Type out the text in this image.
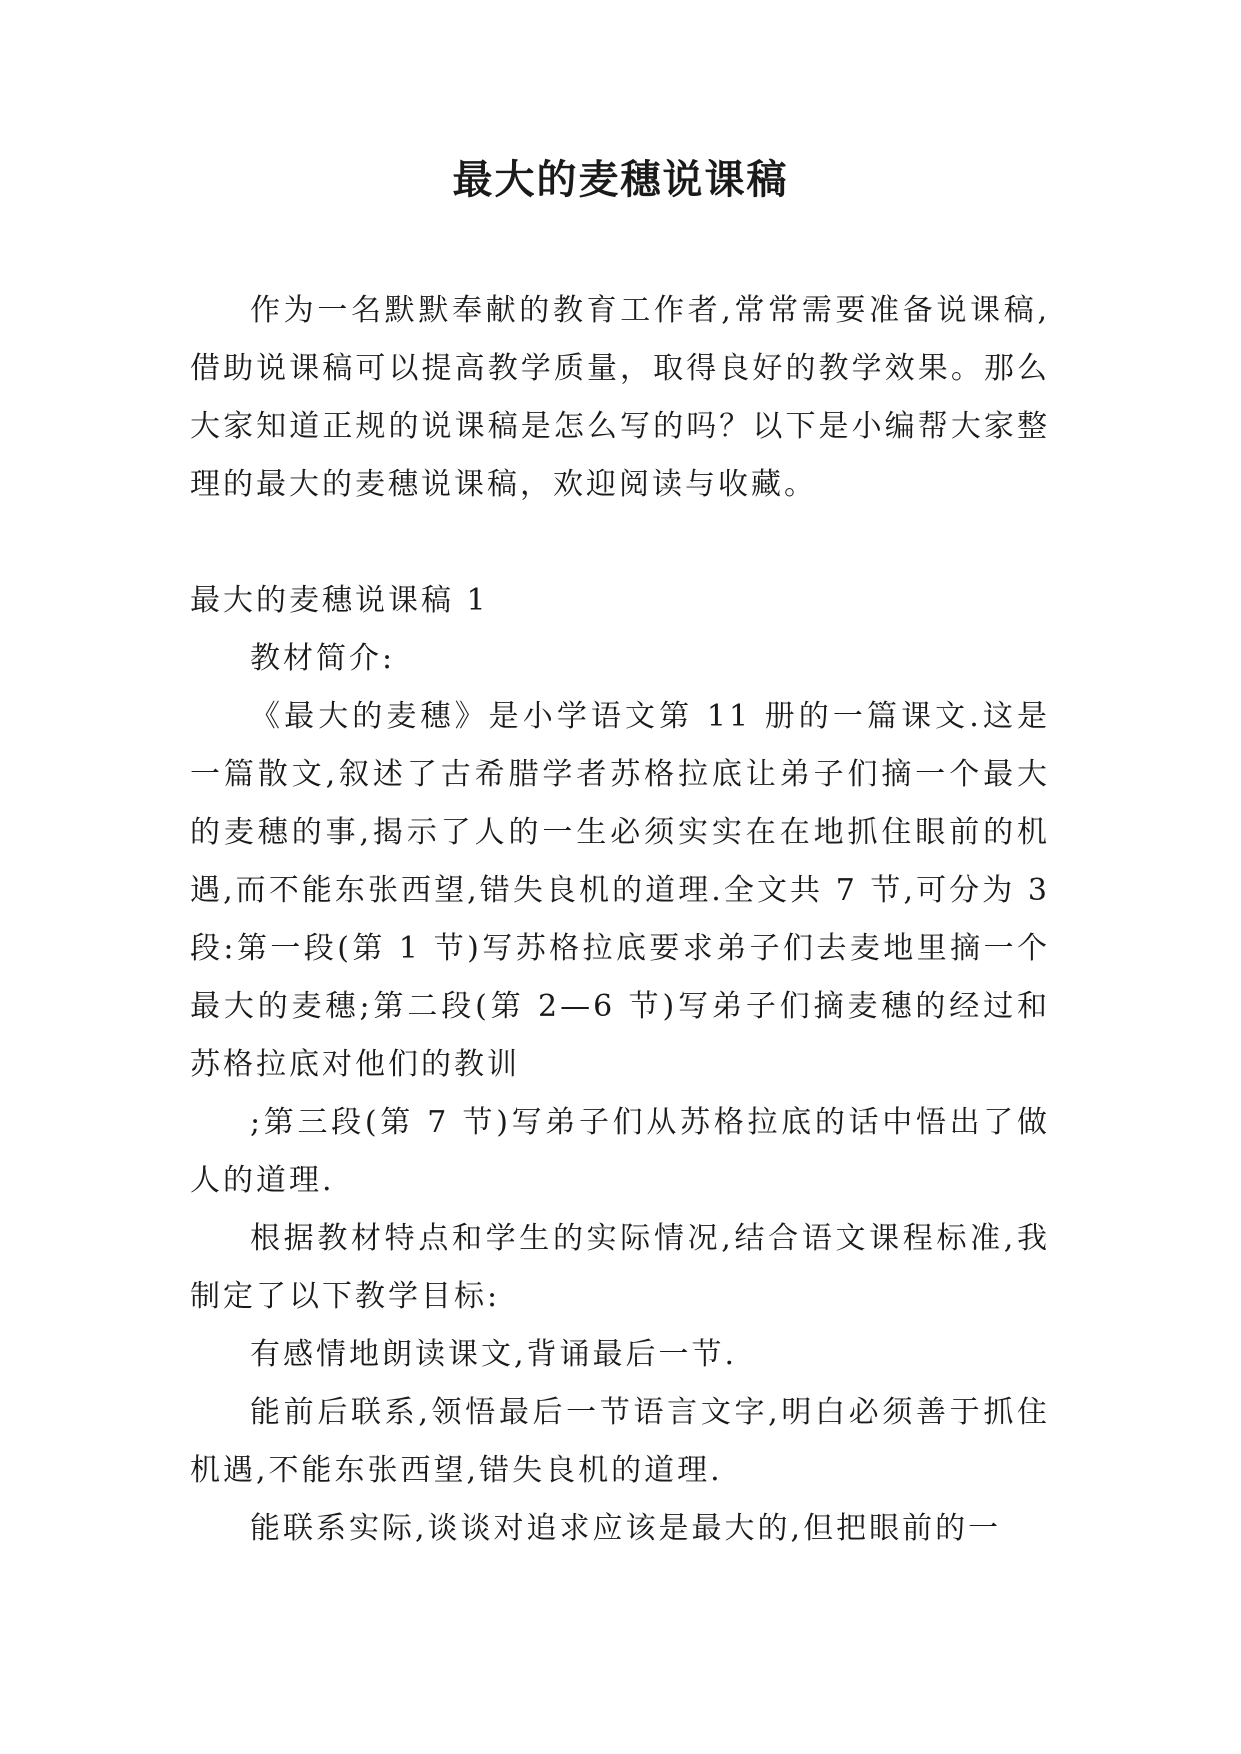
最大的麦穗说课稿

作为一名默默奉献的教育工作者,常常需要准备说课稿,借助说课稿可以提高教学质量，取得良好的教学效果。那么大家知道正规的说课稿是怎么写的吗？以下是小编帮大家整理的最大的麦穗说课稿，欢迎阅读与收藏。

最大的麦穗说课稿 1

教材简介:

《最大的麦穗》是小学语文第 11 册的一篇课文.这是一篇散文,叙述了古希腊学者苏格拉底让弟子们摘一个最大的麦穗的事,揭示了人的一生必须实实在在地抓住眼前的机遇,而不能东张西望,错失良机的道理.全文共 7 节,可分为 3 段:第一段(第 1 节)写苏格拉底要求弟子们去麦地里摘一个最大的麦穗;第二段(第 2—6 节)写弟子们摘麦穗的经过和苏格拉底对他们的教训

;第三段(第 7 节)写弟子们从苏格拉底的话中悟出了做人的道理.

根据教材特点和学生的实际情况,结合语文课程标准,我制定了以下教学目标:

有感情地朗读课文,背诵最后一节.

能前后联系,领悟最后一节语言文字,明白必须善于抓住机遇,不能东张西望,错失良机的道理.

能联系实际,谈谈对追求应该是最大的,但把眼前的一
